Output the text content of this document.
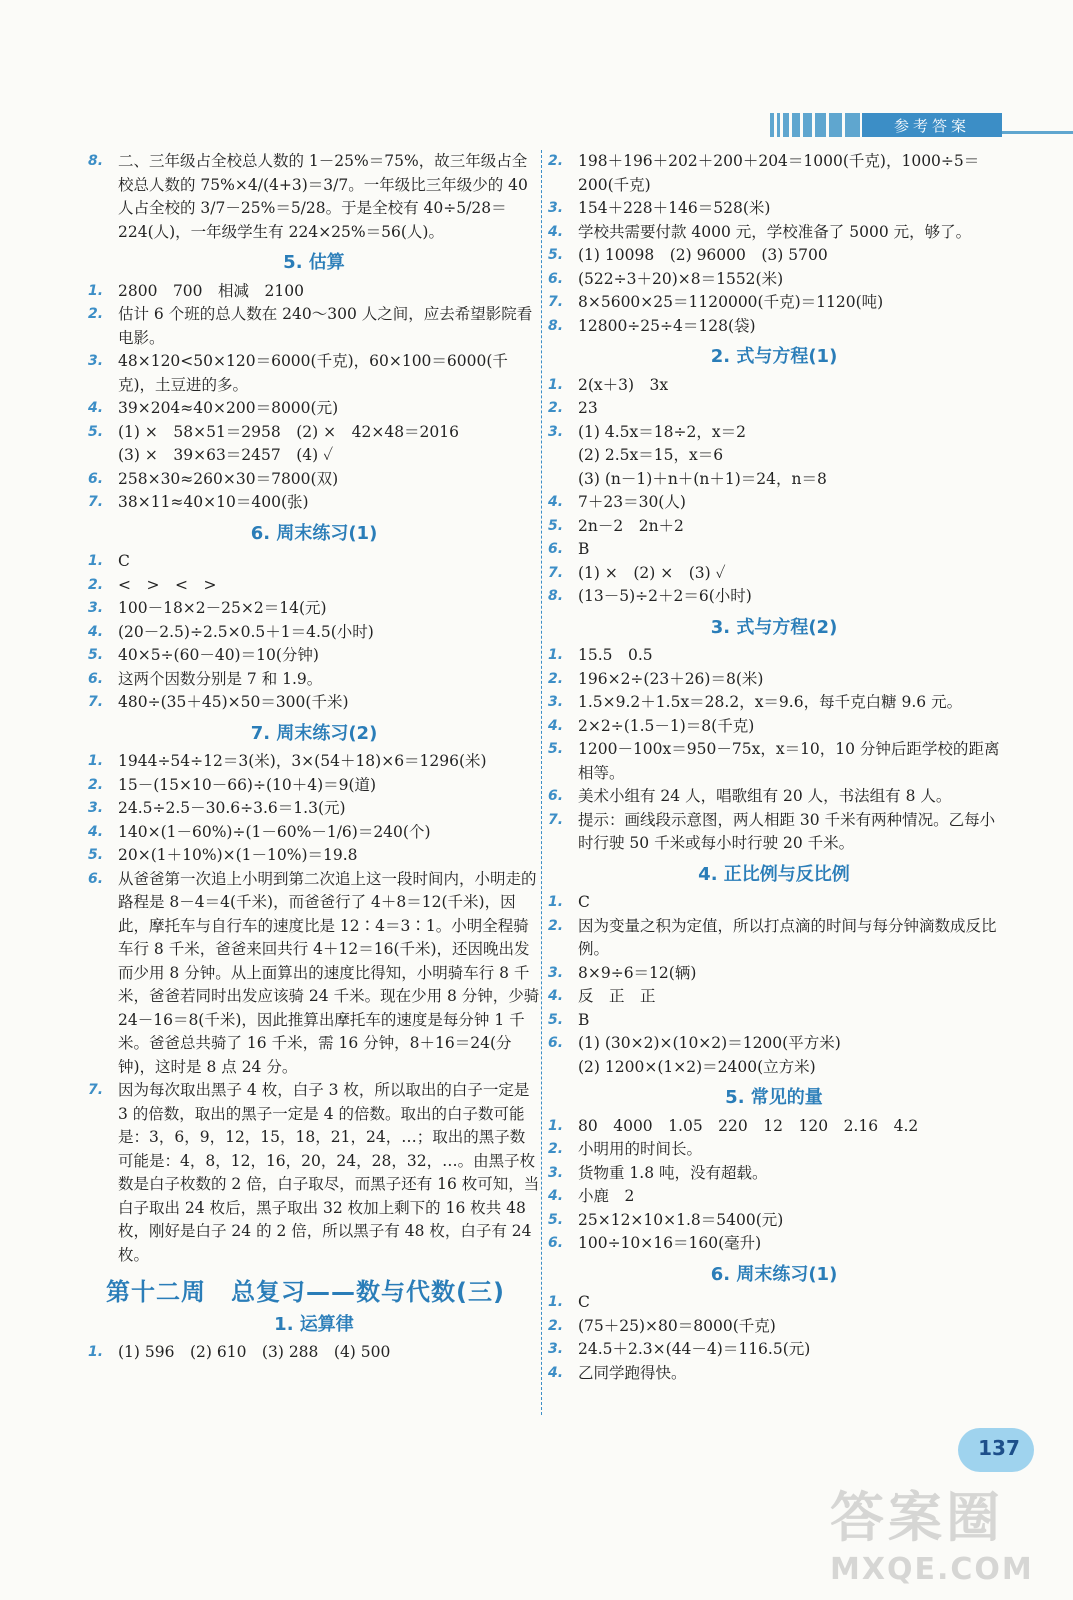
参考答案
8. 二、三年级占全校总人数的 1－25%＝75%，故三年级占全校总人数的 75%×4/(4+3)＝3/7。一年级比三年级少的 40 人占全校的 3/7－25%＝5/28。于是全校有 40÷5/28＝224(人)，一年级学生有 224×25%＝56(人)。
5. 估算
1. 2800　700　相减　2100
2. 估计 6 个班的总人数在 240～300 人之间，应去希望影院看电影。
3. 48×120<50×120＝6000(千克)，60×100＝6000(千克)，土豆进的多。
4. 39×204≈40×200＝8000(元)
5. (1) ×　58×51＝2958　(2) ×　42×48＝2016
(3) ×　39×63＝2457　(4) ✓
6. 258×30≈260×30＝7800(双)
7. 38×11≈40×10＝400(张)
6. 周末练习(1)
1. C
2. <　>　<　>
3. 100－18×2－25×2＝14(元)
4. (20－2.5)÷2.5×0.5＋1＝4.5(小时)
5. 40×5÷(60－40)＝10(分钟)
6. 这两个因数分别是 7 和 1.9。
7. 480÷(35＋45)×50＝300(千米)
7. 周末练习(2)
1. 1944÷54÷12＝3(米)，3×(54＋18)×6＝1296(米)
2. 15－(15×10－66)÷(10＋4)＝9(道)
3. 24.5÷2.5－30.6÷3.6＝1.3(元)
4. 140×(1－60%)÷(1－60%－1/6)＝240(个)
5. 20×(1＋10%)×(1－10%)＝19.8
6. 从爸爸第一次追上小明到第二次追上这一段时间内，小明走的路程是 8－4＝4(千米)，而爸爸行了 4＋8＝12(千米)，因此，摩托车与自行车的速度比是 12∶4＝3∶1。小明全程骑车行 8 千米，爸爸来回共行 4＋12＝16(千米)，还因晚出发而少用 8 分钟。从上面算出的速度比得知，小明骑车行 8 千米，爸爸若同时出发应该骑 24 千米。现在少用 8 分钟，少骑 24－16＝8(千米)，因此推算出摩托车的速度是每分钟 1 千米。爸爸总共骑了 16 千米，需 16 分钟，8＋16＝24(分钟)，这时是 8 点 24 分。
7. 因为每次取出黑子 4 枚，白子 3 枚，所以取出的白子一定是 3 的倍数，取出的黑子一定是 4 的倍数。取出的白子数可能是：3，6，9，12，15，18，21，24，…；取出的黑子数可能是：4，8，12，16，20，24，28，32，…。由黑子枚数是白子枚数的 2 倍，白子取尽，而黑子还有 16 枚可知，当白子取出 24 枚后，黑子取出 32 枚加上剩下的 16 枚共 48 枚，刚好是白子 24 的 2 倍，所以黑子有 48 枚，白子有 24 枚。
第十二周　总复习——数与代数(三)
1. 运算律
1. (1) 596　(2) 610　(3) 288　(4) 500
2. 198＋196＋202＋200＋204＝1000(千克)，1000÷5＝200(千克)
3. 154＋228＋146＝528(米)
4. 学校共需要付款 4000 元，学校准备了 5000 元，够了。
5. (1) 10098　(2) 96000　(3) 5700
6. (522÷3＋20)×8＝1552(米)
7. 8×5600×25＝1120000(千克)＝1120(吨)
8. 12800÷25÷4＝128(袋)
2. 式与方程(1)
1. 2(x＋3)　3x
2. 23
3. (1) 4.5x＝18÷2，x＝2
(2) 2.5x＝15，x＝6
(3) (n－1)＋n＋(n＋1)＝24，n＝8
4. 7＋23＝30(人)
5. 2n－2　2n＋2
6. B
7. (1) ×　(2) ×　(3) ✓
8. (13－5)÷2＋2＝6(小时)
3. 式与方程(2)
1. 15.5　0.5
2. 196×2÷(23＋26)＝8(米)
3. 1.5×9.2＋1.5x＝28.2，x＝9.6，每千克白糖 9.6 元。
4. 2×2÷(1.5－1)＝8(千克)
5. 1200－100x＝950－75x，x＝10，10 分钟后距学校的距离相等。
6. 美术小组有 24 人，唱歌组有 20 人，书法组有 8 人。
7. 提示：画线段示意图，两人相距 30 千米有两种情况。乙每小时行驶 50 千米或每小时行驶 20 千米。
4. 正比例与反比例
1. C
2. 因为变量之积为定值，所以打点滴的时间与每分钟滴数成反比例。
3. 8×9÷6＝12(辆)
4. 反　正　正
5. B
6. (1) (30×2)×(10×2)＝1200(平方米)
(2) 1200×(1×2)＝2400(立方米)
5. 常见的量
1. 80　4000　1.05　220　12　120　2.16　4.2
2. 小明用的时间长。
3. 货物重 1.8 吨，没有超载。
4. 小鹿　2
5. 25×12×10×1.8＝5400(元)
6. 100÷10×16＝160(毫升)
6. 周末练习(1)
1. C
2. (75＋25)×80＝8000(千克)
3. 24.5＋2.3×(44－4)＝116.5(元)
4. 乙同学跑得快。
137
答案圈
MXQE.COM
